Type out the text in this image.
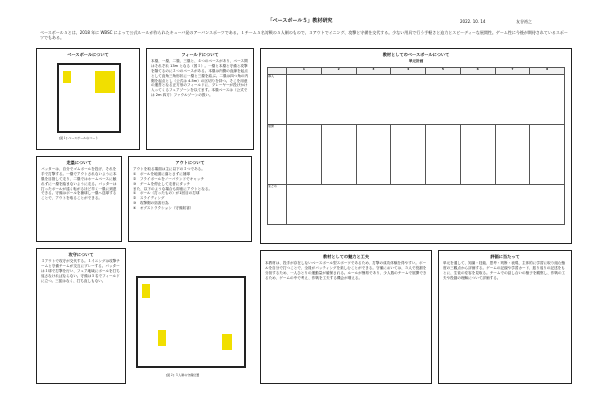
「ベースボール５」教材研究	2022. 10. 14	友谷裕之
ベースボール５とは、2018 年に WBSC によって公式ルールが作られたキューバ発のアーバンスポーツである。１チーム５名対戦の５人制のもので、３アウトでイニング、攻撃と守備を交代する。少ない用具で行う手軽さと迫力とスピーディーな展開性。ゲーム性に今後が期待されているスポーツでもある。
ベースボールについて
[図１] ベースボールのコート
フィールドについて
本塁、一塁、二塁、三塁と、４つのベースがあり、ベース間はそれぞれ 13m となる（図１）。一塁と本塁と守備と攻撃を隔てるのに２つのベースがある。本塁は内側の直線を起点として直角三角形状に一塁と三塁を結ぶ。二塁は四つ角の内側を起点とし（公式は 4.5m）の区切りを持つ。そこを用意の運営となる正方形のフィールドに、プレーヤーが投げかけ入ってくるフェアゾーンを以てます。本塁ベースは（公式では 2m 四方）ファウルゾーンの扱い。
走塁について
バッターは、自分でゴムボールを投げ、それを手で打撃する。一塁でアウトされないように本塁を目指して走り、二塁ではホームベースに触れずに一塁を踏まないように走る。バッターは打ったボールが遠く転がるほど早く一塁に到達できる。守備はボールを捕球し一塁へ送球することで、アウトを取ることができる。
アウトについて
アウトを取る場面は主に以下の３つである。
①　ボールを地面に落とさずに捕球
②　フライボールをノーバウンドでキャッチ
③　ゲームを停止して走者にタッチ
また、以下のような場合も即座にアウトとなる。
①　ボール（打ったもの）が1回目の打球
②　スライディング
③　攻撃側の妨害行為
④　オブストラクション（守備妨害）
攻守について
３アウトで攻守が交代する。１イニングは攻撃チームと守備チームが交互にプレーする。バッターは１球で打撃を行い、フェア地域にボールを打ち返さなければならない。守備は５名でフィールドに立つ。三振はなく、打ち直しもない。
[図２] ５人制の守備位置
教材としてのベースボールについて
単元計画
	1	2	3	4	5	6	7	8
導入								
展開								
まとめ								
教材としての魅力と工夫
本教材は、投手が存在しないベースボール型スポーツであるため、打撃の成功体験を得やすい。ボールを自分で打つことで、全員がバッティングを楽しむことができる。守備においては、５人で役割を分担するため、一人ひとりの運動量が確保される。ルールが簡易であり、少人数のチームで展開できるため、ゲームの中で考え、作戦を工夫する機会が増える。
評価に当たって
単元を通して、知識・技能、思考・判断・表現、主体的に学習に取り組む態度の三観点から評価する。ゲームの記録や学習カード、振り返りの記述をもとに、生徒の変容を見取る。チームでの話し合いの様子を観察し、作戦の工夫や役割の理解について評価する。
